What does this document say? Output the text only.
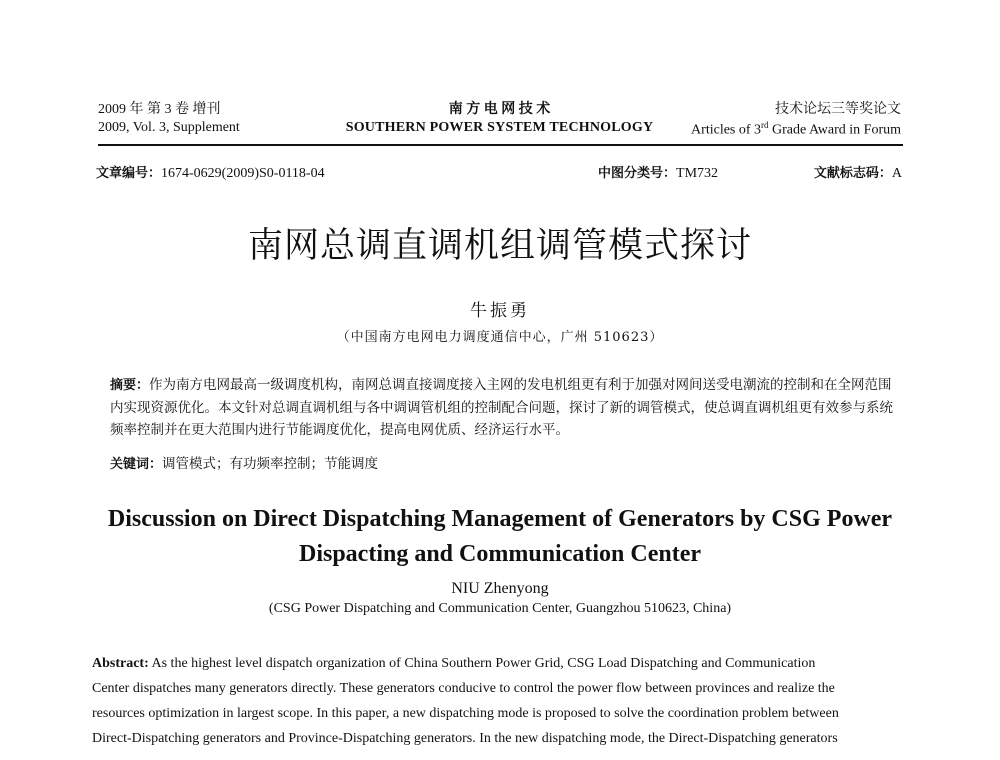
2009 年 第 3 卷 增刊	南 方 电 网 技 术	技术论坛三等奖论文
2009, Vol. 3, Supplement	SOUTHERN POWER SYSTEM TECHNOLOGY	Articles of 3rd Grade Award in Forum
文章编号：1674-0629(2009)S0-0118-04	中图分类号：TM732	文献标志码：A
南网总调直调机组调管模式探讨
牛振勇
（中国南方电网电力调度通信中心，广州 510623）
摘要：作为南方电网最高一级调度机构，南网总调直接调度接入主网的发电机组更有利于加强对网间送受电潮流的控制和在全网范围内实现资源优化。本文针对总调直调机组与各中调调管机组的控制配合问题，探讨了新的调管模式，使总调直调机组更有效参与系统频率控制并在更大范围内进行节能调度优化，提高电网优质、经济运行水平。
关键词：调管模式；有功频率控制；节能调度
Discussion on Direct Dispatching Management of Generators by CSG Power Dispacting and Communication Center
NIU Zhenyong
(CSG Power Dispatching and Communication Center, Guangzhou 510623, China)
Abstract: As the highest level dispatch organization of China Southern Power Grid, CSG Load Dispatching and Communication
Center dispatches many generators directly. These generators conducive to control the power flow between provinces and realize the
resources optimization in largest scope. In this paper, a new dispatching mode is proposed to solve the coordination problem between
Direct-Dispatching generators and Province-Dispatching generators. In the new dispatching mode, the Direct-Dispatching generators
